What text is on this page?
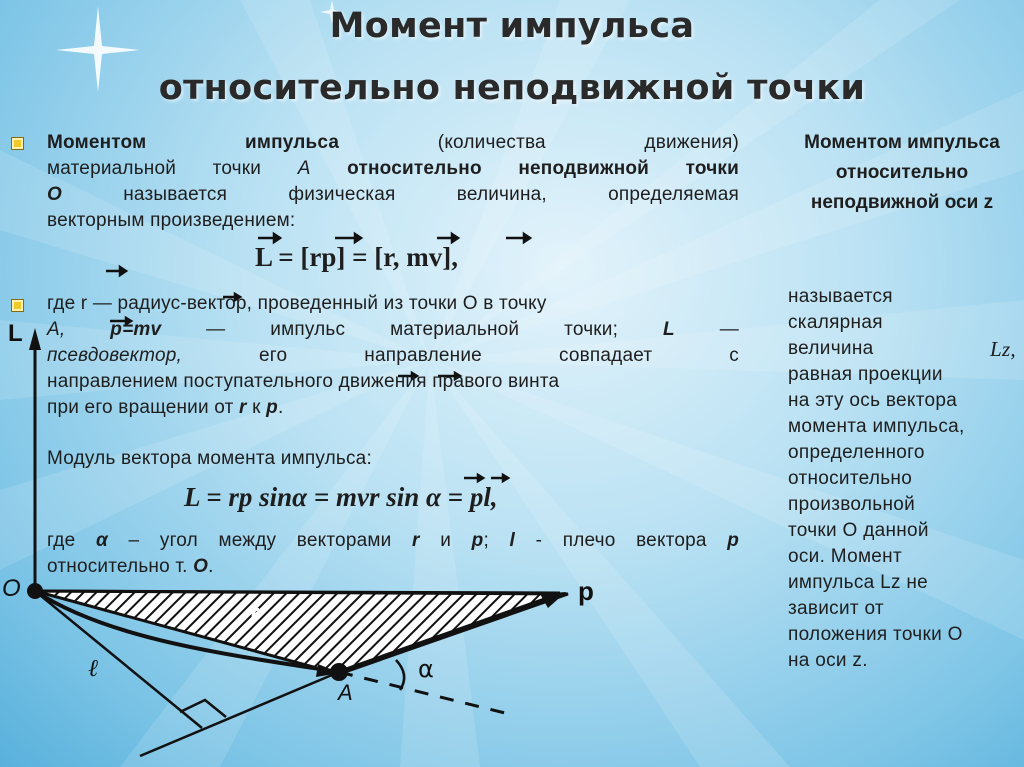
Момент импульса
относительно неподвижной точки
Моментом	импульса	(количества	движения)
материальной точки A относительно неподвижной точки
O	называется	физическая	величина,	определяемая
векторным произведением:
L = [rp] = [r, mv],
где r — радиус-вектор, проведенный из точки O в точку
A, p=mv — импульс материальной точки; L —
псевдовектор,	его	направление	совпадает	с
направлением поступательного движения правого винта
при его вращении от r к p.
Модуль вектора момента импульса:
L = rp sinα = mvr sin α = pl,
где α – угол между векторами r и p; l - плечо вектора p
относительно т. O.
L
O	p
r
ℓ
A
α
Моментом импульса относительно неподвижной оси z
называется
скалярная
величина	Lz,
равная проекции
на эту ось вектора
момента импульса,
определенного
относительно
произвольной
точки O данной
оси. Момент
импульса Lz не
зависит от
положения точки O
на оси z.
